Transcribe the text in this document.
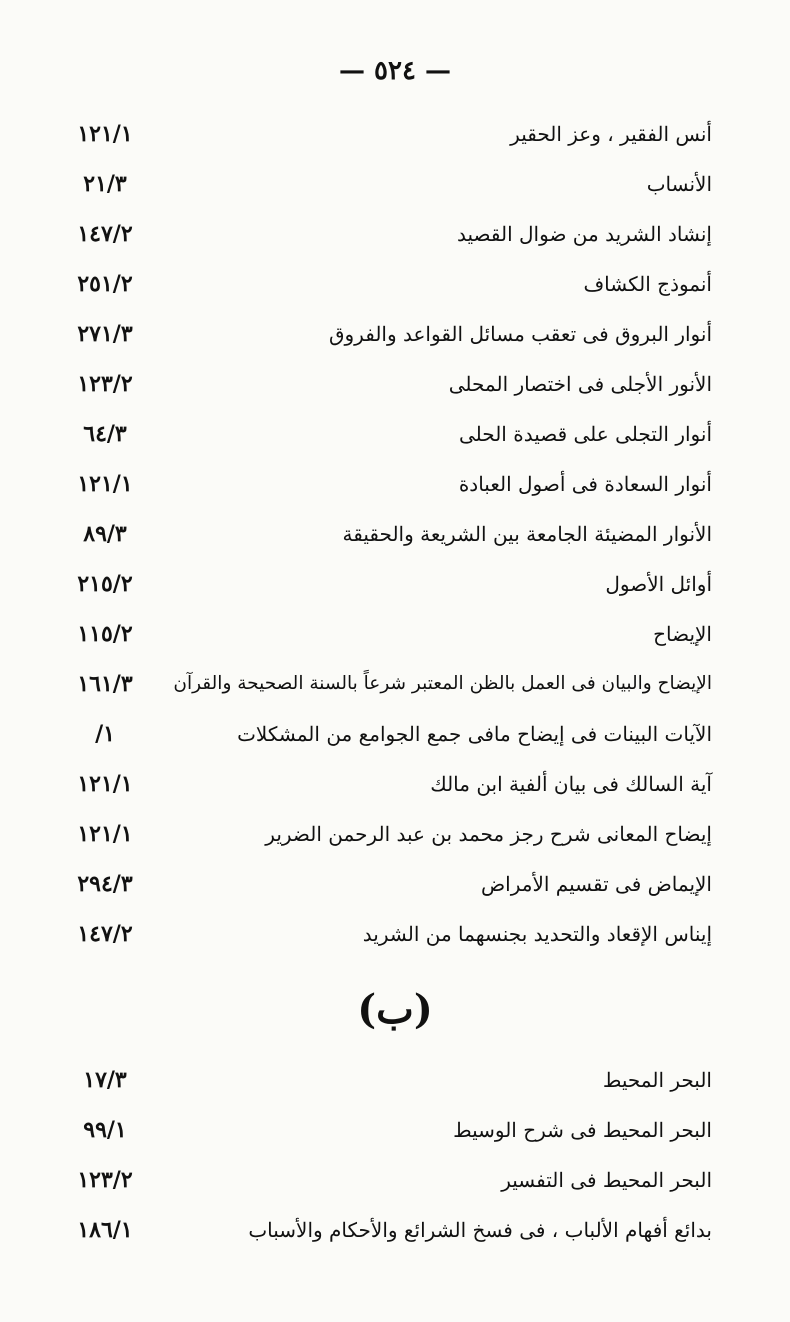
— ٥٢٤ —
أنس الفقير ، وعز الحقير
١٢١/١
الأنساب
٢١/٣
إنشاد الشريد من ضوال القصيد
١٤٧/٢
أنموذج الكشاف
٢٥١/٢
أنوار البروق فى تعقب مسائل القواعد والفروق
٢٧١/٣
الأنور الأجلى فى اختصار المحلى
١٢٣/٢
أنوار التجلى على قصيدة الحلى
٦٤/٣
أنوار السعادة فى أصول العبادة
١٢١/١
الأنوار المضيئة الجامعة بين الشريعة والحقيقة
٨٩/٣
أوائل الأصول
٢١٥/٢
الإيضاح
١١٥/٢
الإيضاح والبيان فى العمل بالظن المعتبر شرعاً بالسنة الصحيحة والقرآن
١٦١/٣
الآيات البينات فى إيضاح مافى جمع الجوامع من المشكلات
/١
آية السالك فى بيان ألفية ابن مالك
١٢١/١
إيضاح المعانى شرح رجز محمد بن عبد الرحمن الضرير
١٢١/١
الإيماض فى تقسيم الأمراض
٢٩٤/٣
إيناس الإقعاد والتحديد بجنسهما من الشريد
١٤٧/٢
(ب)
البحر المحيط
١٧/٣
البحر المحيط فى شرح الوسيط
٩٩/١
البحر المحيط فى التفسير
١٢٣/٢
بدائع أفهام الألباب ، فى فسخ الشرائع والأحكام والأسباب
١٨٦/١
